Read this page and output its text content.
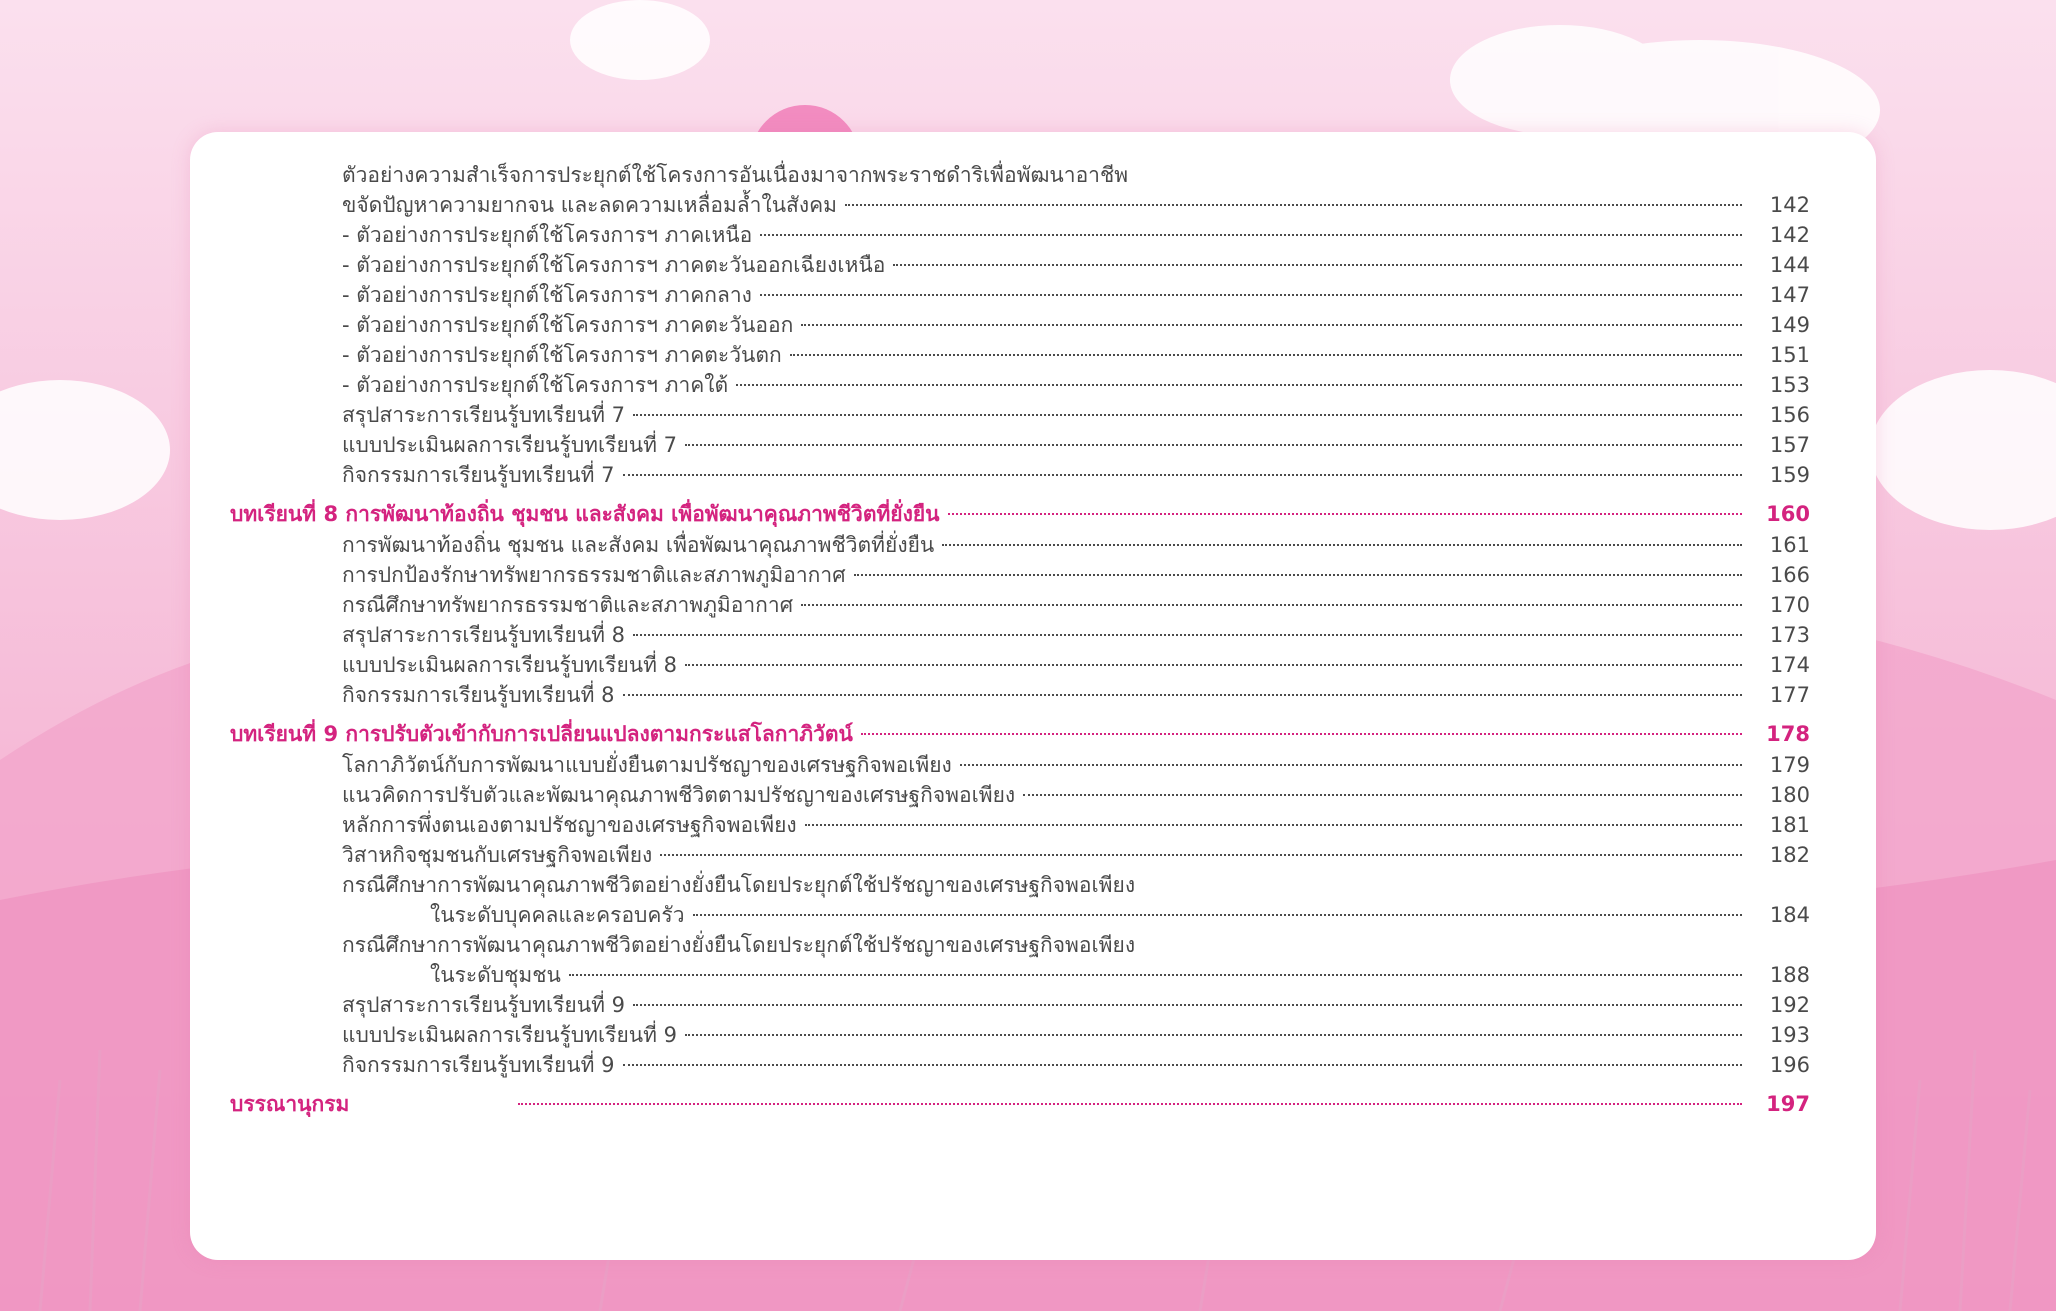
ตัวอย่างความสำเร็จการประยุกต์ใช้โครงการอันเนื่องมาจากพระราชดำริเพื่อพัฒนาอาชีพ
ขจัดปัญหาความยากจน และลดความเหลื่อมล้ำในสังคม	142
- ตัวอย่างการประยุกต์ใช้โครงการฯ ภาคเหนือ	142
- ตัวอย่างการประยุกต์ใช้โครงการฯ ภาคตะวันออกเฉียงเหนือ	144
- ตัวอย่างการประยุกต์ใช้โครงการฯ ภาคกลาง	147
- ตัวอย่างการประยุกต์ใช้โครงการฯ ภาคตะวันออก	149
- ตัวอย่างการประยุกต์ใช้โครงการฯ ภาคตะวันตก	151
- ตัวอย่างการประยุกต์ใช้โครงการฯ ภาคใต้	153
สรุปสาระการเรียนรู้บทเรียนที่ 7	156
แบบประเมินผลการเรียนรู้บทเรียนที่ 7	157
กิจกรรมการเรียนรู้บทเรียนที่ 7	159
บทเรียนที่ 8 การพัฒนาท้องถิ่น ชุมชน และสังคม เพื่อพัฒนาคุณภาพชีวิตที่ยั่งยืน	160
การพัฒนาท้องถิ่น ชุมชน และสังคม เพื่อพัฒนาคุณภาพชีวิตที่ยั่งยืน	161
การปกป้องรักษาทรัพยากรธรรมชาติและสภาพภูมิอากาศ	166
กรณีศึกษาทรัพยากรธรรมชาติและสภาพภูมิอากาศ	170
สรุปสาระการเรียนรู้บทเรียนที่ 8	173
แบบประเมินผลการเรียนรู้บทเรียนที่ 8	174
กิจกรรมการเรียนรู้บทเรียนที่ 8	177
บทเรียนที่ 9 การปรับตัวเข้ากับการเปลี่ยนแปลงตามกระแสโลกาภิวัตน์	178
โลกาภิวัตน์กับการพัฒนาแบบยั่งยืนตามปรัชญาของเศรษฐกิจพอเพียง	179
แนวคิดการปรับตัวและพัฒนาคุณภาพชีวิตตามปรัชญาของเศรษฐกิจพอเพียง	180
หลักการพึ่งตนเองตามปรัชญาของเศรษฐกิจพอเพียง	181
วิสาหกิจชุมชนกับเศรษฐกิจพอเพียง	182
กรณีศึกษาการพัฒนาคุณภาพชีวิตอย่างยั่งยืนโดยประยุกต์ใช้ปรัชญาของเศรษฐกิจพอเพียง
ในระดับบุคคลและครอบครัว	184
กรณีศึกษาการพัฒนาคุณภาพชีวิตอย่างยั่งยืนโดยประยุกต์ใช้ปรัชญาของเศรษฐกิจพอเพียง
ในระดับชุมชน	188
สรุปสาระการเรียนรู้บทเรียนที่ 9	192
แบบประเมินผลการเรียนรู้บทเรียนที่ 9	193
กิจกรรมการเรียนรู้บทเรียนที่ 9	196
บรรณานุกรม	197
